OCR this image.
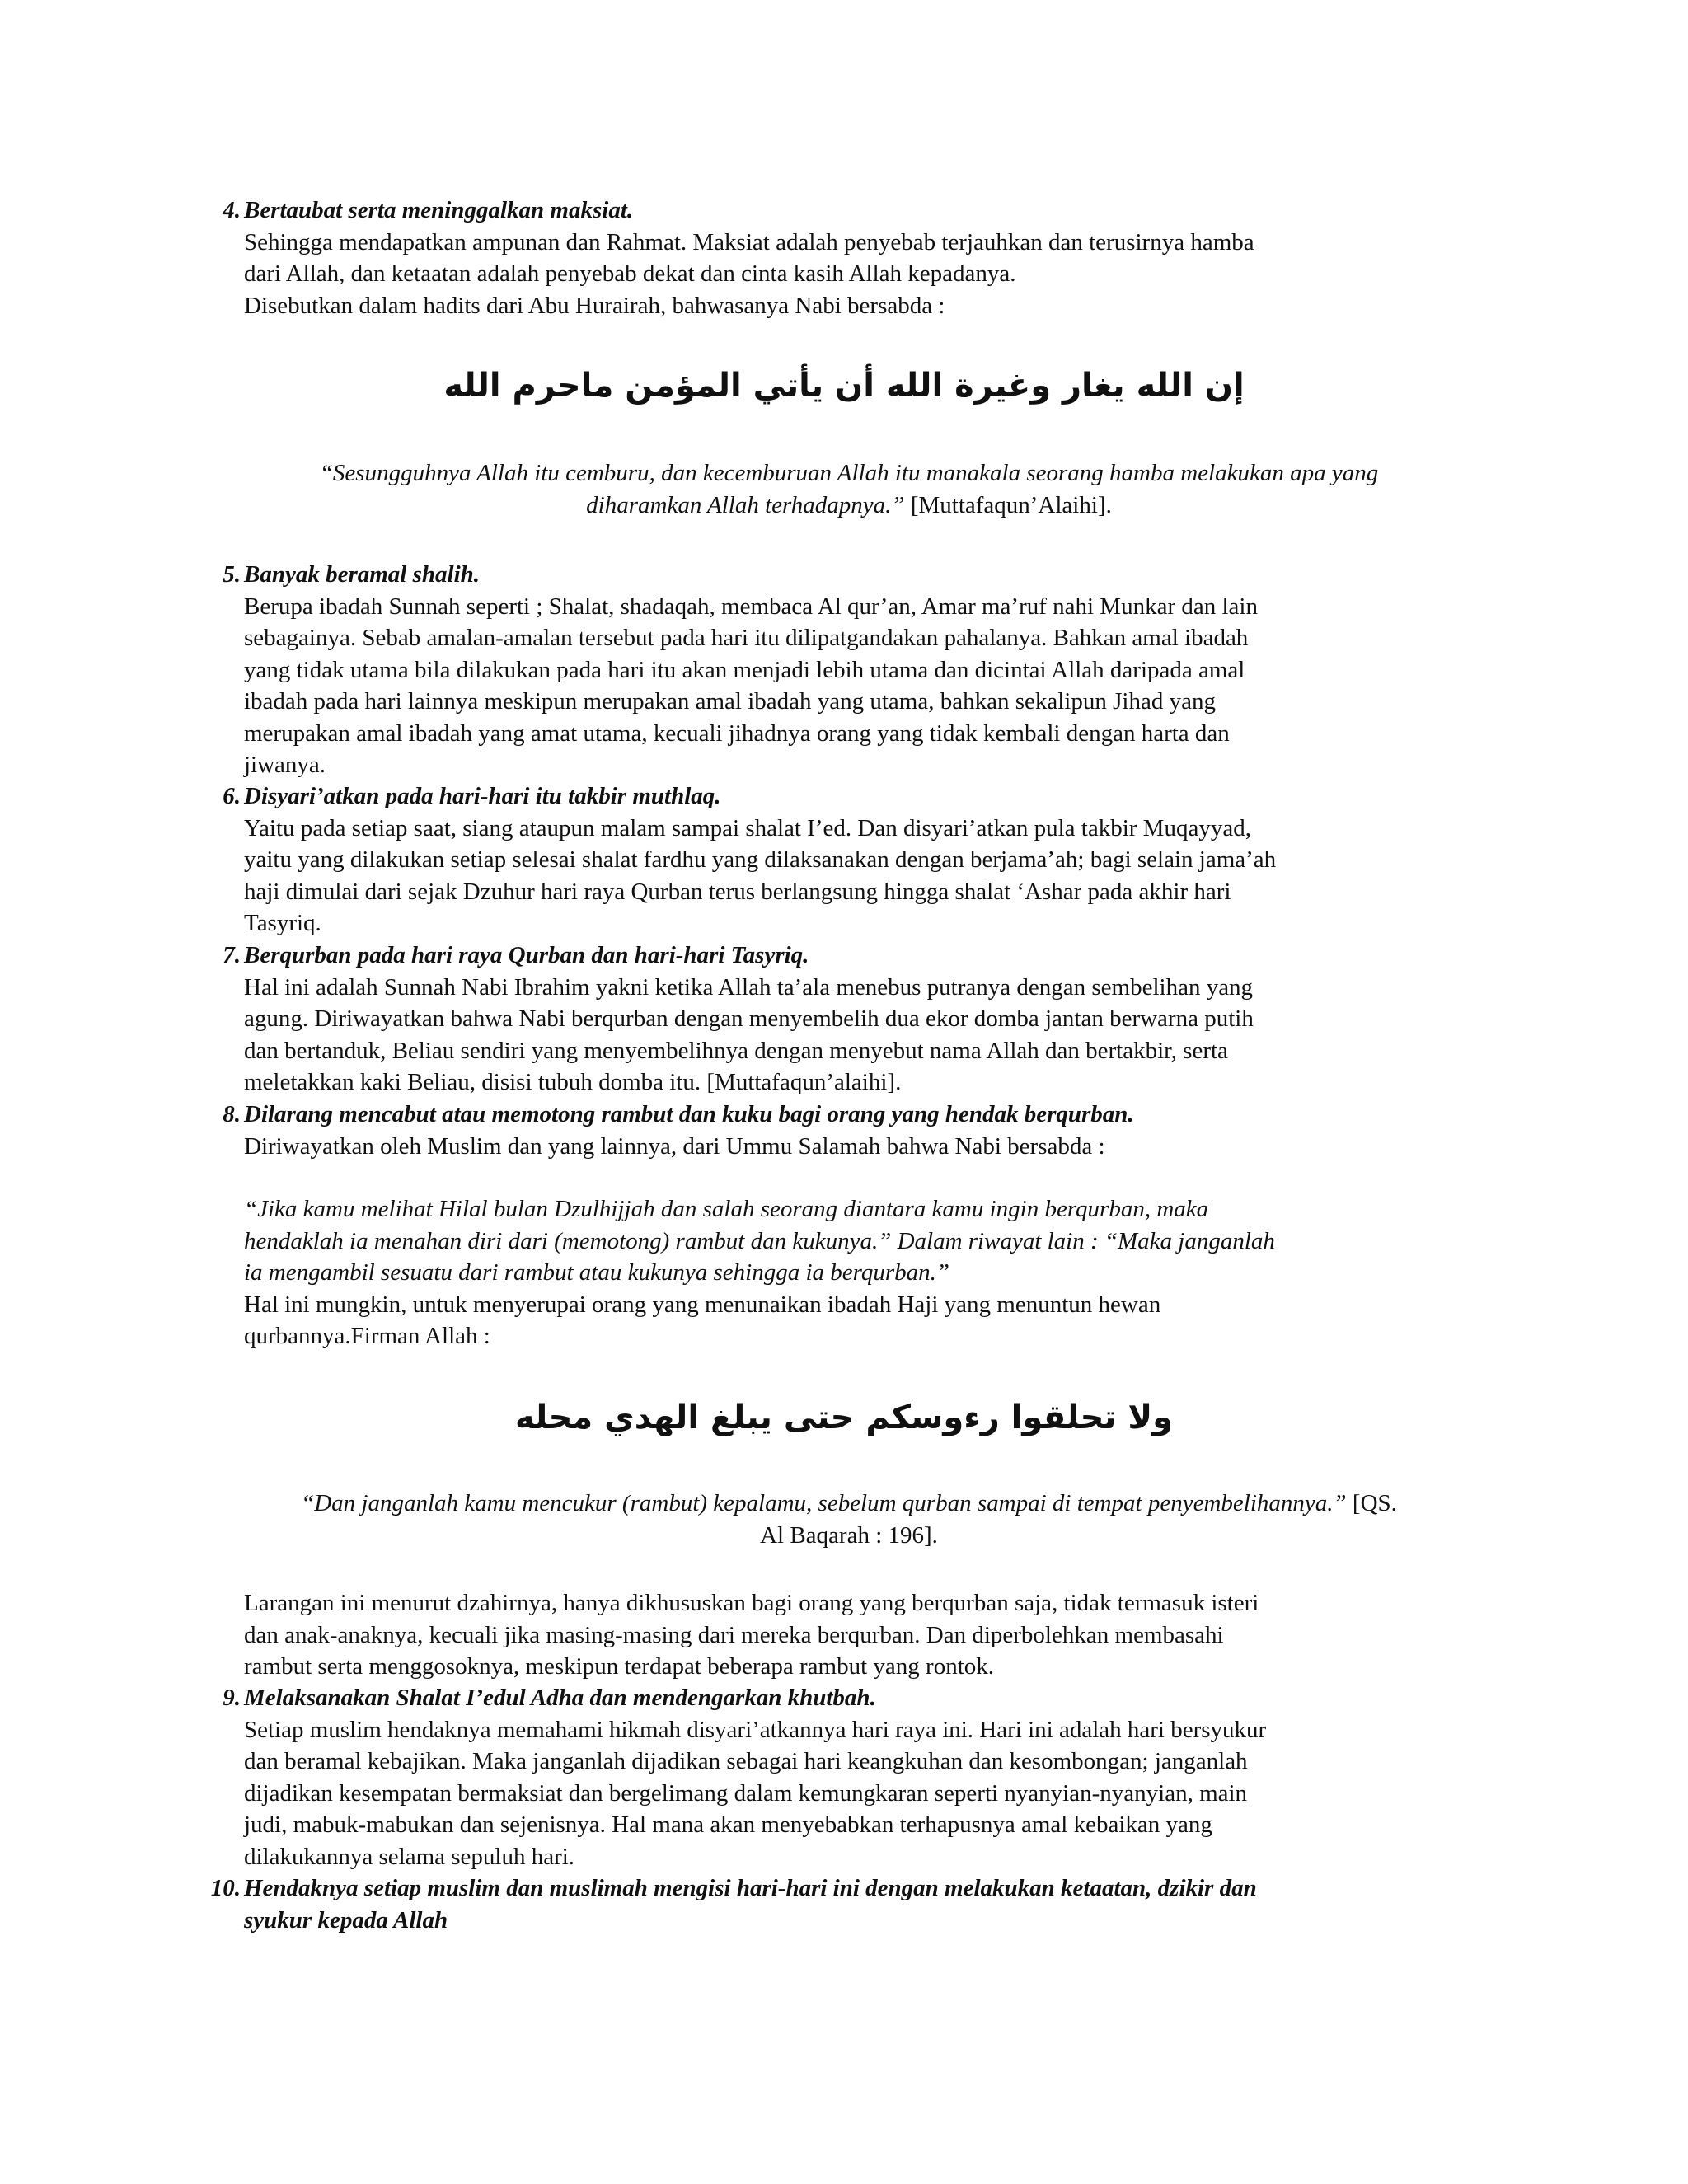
4. Bertaubat serta meninggalkan maksiat.
Sehingga mendapatkan ampunan dan Rahmat. Maksiat adalah penyebab terjauhkan dan terusirnya hamba
dari Allah, dan ketaatan adalah penyebab dekat dan cinta kasih Allah kepadanya.
Disebutkan dalam hadits dari Abu Hurairah, bahwasanya Nabi bersabda :
إن الله يغار وغيرة الله أن يأتي المؤمن ماحرم الله
“Sesungguhnya Allah itu cemburu, dan kecemburuan Allah itu manakala seorang hamba melakukan apa yang
diharamkan Allah terhadapnya.” [Muttafaqun’Alaihi].
5. Banyak beramal shalih.
Berupa ibadah Sunnah seperti ; Shalat, shadaqah, membaca Al qur’an, Amar ma’ruf nahi Munkar dan lain
sebagainya. Sebab amalan-amalan tersebut pada hari itu dilipatgandakan pahalanya. Bahkan amal ibadah
yang tidak utama bila dilakukan pada hari itu akan menjadi lebih utama dan dicintai Allah daripada amal
ibadah pada hari lainnya meskipun merupakan amal ibadah yang utama, bahkan sekalipun Jihad yang
merupakan amal ibadah yang amat utama, kecuali jihadnya orang yang tidak kembali dengan harta dan
jiwanya.
6. Disyari’atkan pada hari-hari itu takbir muthlaq.
Yaitu pada setiap saat, siang ataupun malam sampai shalat I’ed. Dan disyari’atkan pula takbir Muqayyad,
yaitu yang dilakukan setiap selesai shalat fardhu yang dilaksanakan dengan berjama’ah; bagi selain jama’ah
haji dimulai dari sejak Dzuhur hari raya Qurban terus berlangsung hingga shalat ‘Ashar pada akhir hari
Tasyriq.
7. Berqurban pada hari raya Qurban dan hari-hari Tasyriq.
Hal ini adalah Sunnah Nabi Ibrahim yakni ketika Allah ta’ala menebus putranya dengan sembelihan yang
agung. Diriwayatkan bahwa Nabi berqurban dengan menyembelih dua ekor domba jantan berwarna putih
dan bertanduk, Beliau sendiri yang menyembelihnya dengan menyebut nama Allah dan bertakbir, serta
meletakkan kaki Beliau, disisi tubuh domba itu. [Muttafaqun’alaihi].
8. Dilarang mencabut atau memotong rambut dan kuku bagi orang yang hendak berqurban.
Diriwayatkan oleh Muslim dan yang lainnya, dari Ummu Salamah bahwa Nabi bersabda :
“Jika kamu melihat Hilal bulan Dzulhijjah dan salah seorang diantara kamu ingin berqurban, maka
hendaklah ia menahan diri dari (memotong) rambut dan kukunya.” Dalam riwayat lain : “Maka janganlah
ia mengambil sesuatu dari rambut atau kukunya sehingga ia berqurban.”
Hal ini mungkin, untuk menyerupai orang yang menunaikan ibadah Haji yang menuntun hewan
qurbannya.Firman Allah :
ولا تحلقوا رءوسكم حتى يبلغ الهدي محله
“Dan janganlah kamu mencukur (rambut) kepalamu, sebelum qurban sampai di tempat penyembelihannya.” [QS.
Al Baqarah : 196].
Larangan ini menurut dzahirnya, hanya dikhususkan bagi orang yang berqurban saja, tidak termasuk isteri
dan anak-anaknya, kecuali jika masing-masing dari mereka berqurban. Dan diperbolehkan membasahi
rambut serta menggosoknya, meskipun terdapat beberapa rambut yang rontok.
9. Melaksanakan Shalat I’edul Adha dan mendengarkan khutbah.
Setiap muslim hendaknya memahami hikmah disyari’atkannya hari raya ini. Hari ini adalah hari bersyukur
dan beramal kebajikan. Maka janganlah dijadikan sebagai hari keangkuhan dan kesombongan; janganlah
dijadikan kesempatan bermaksiat dan bergelimang dalam kemungkaran seperti nyanyian-nyanyian, main
judi, mabuk-mabukan dan sejenisnya. Hal mana akan menyebabkan terhapusnya amal kebaikan yang
dilakukannya selama sepuluh hari.
10. Hendaknya setiap muslim dan muslimah mengisi hari-hari ini dengan melakukan ketaatan, dzikir dan
syukur kepada Allah
